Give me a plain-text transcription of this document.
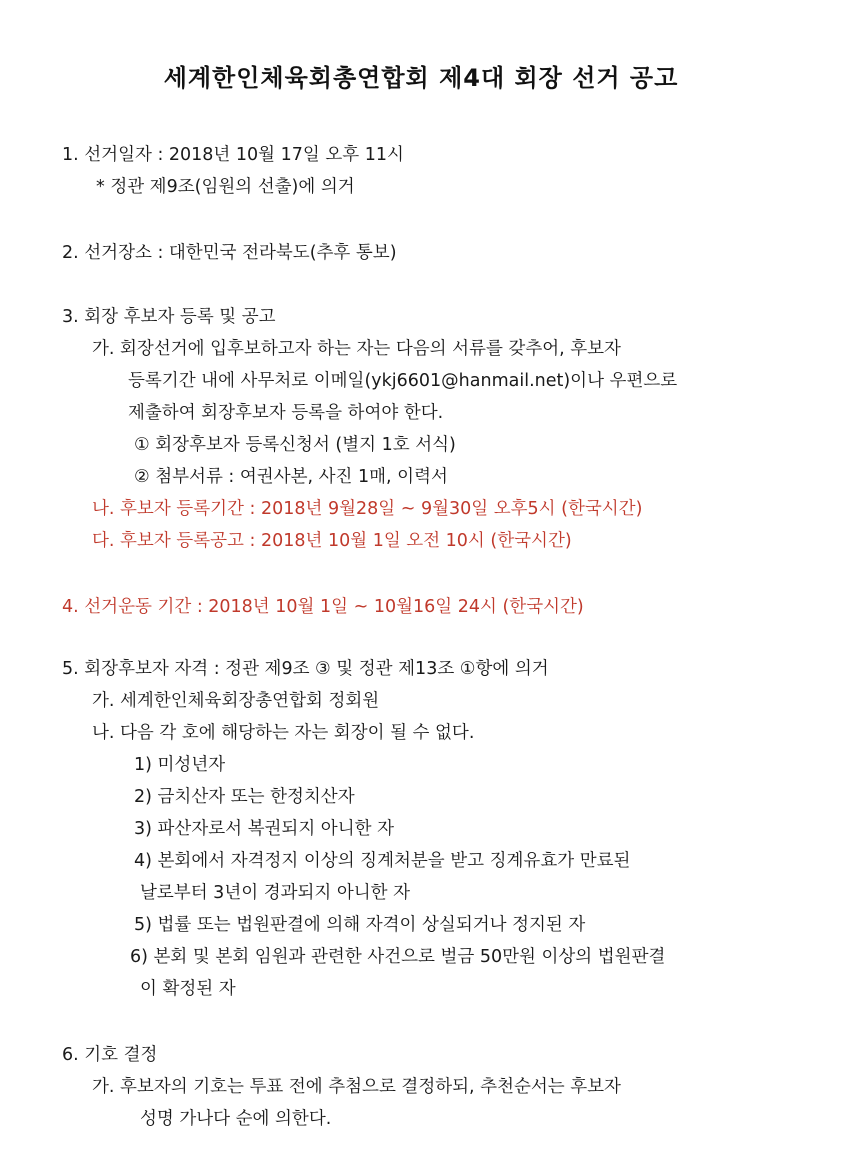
세계한인체육회총연합회 제4대 회장 선거 공고
1. 선거일자 : 2018년 10월 17일 오후 11시
* 정관 제9조(임원의 선출)에 의거
2. 선거장소 : 대한민국 전라북도(추후 통보)
3. 회장 후보자 등록 및 공고
가. 회장선거에 입후보하고자 하는 자는 다음의 서류를 갖추어, 후보자
등록기간 내에 사무처로 이메일(ykj6601@hanmail.net)이나 우편으로
제출하여 회장후보자 등록을 하여야 한다.
① 회장후보자 등록신청서 (별지 1호 서식)
② 첨부서류 : 여권사본, 사진 1매, 이력서
나. 후보자 등록기간 : 2018년 9월28일 ~ 9월30일 오후5시 (한국시간)
다. 후보자 등록공고 : 2018년 10월 1일 오전 10시 (한국시간)
4. 선거운동 기간 : 2018년 10월 1일 ~ 10월16일 24시 (한국시간)
5. 회장후보자 자격 : 정관 제9조 ③ 및 정관 제13조 ①항에 의거
가. 세계한인체육회장총연합회 정회원
나. 다음 각 호에 해당하는 자는 회장이 될 수 없다.
1) 미성년자
2) 금치산자 또는 한정치산자
3) 파산자로서 복권되지 아니한 자
4) 본회에서 자격정지 이상의 징계처분을 받고 징계유효가 만료된
날로부터 3년이 경과되지 아니한 자
5) 법률 또는 법원판결에 의해 자격이 상실되거나 정지된 자
6) 본회 및 본회 임원과 관련한 사건으로 벌금 50만원 이상의 법원판결
이 확정된 자
6. 기호 결정
가. 후보자의 기호는 투표 전에 추첨으로 결정하되, 추천순서는 후보자
성명 가나다 순에 의한다.
